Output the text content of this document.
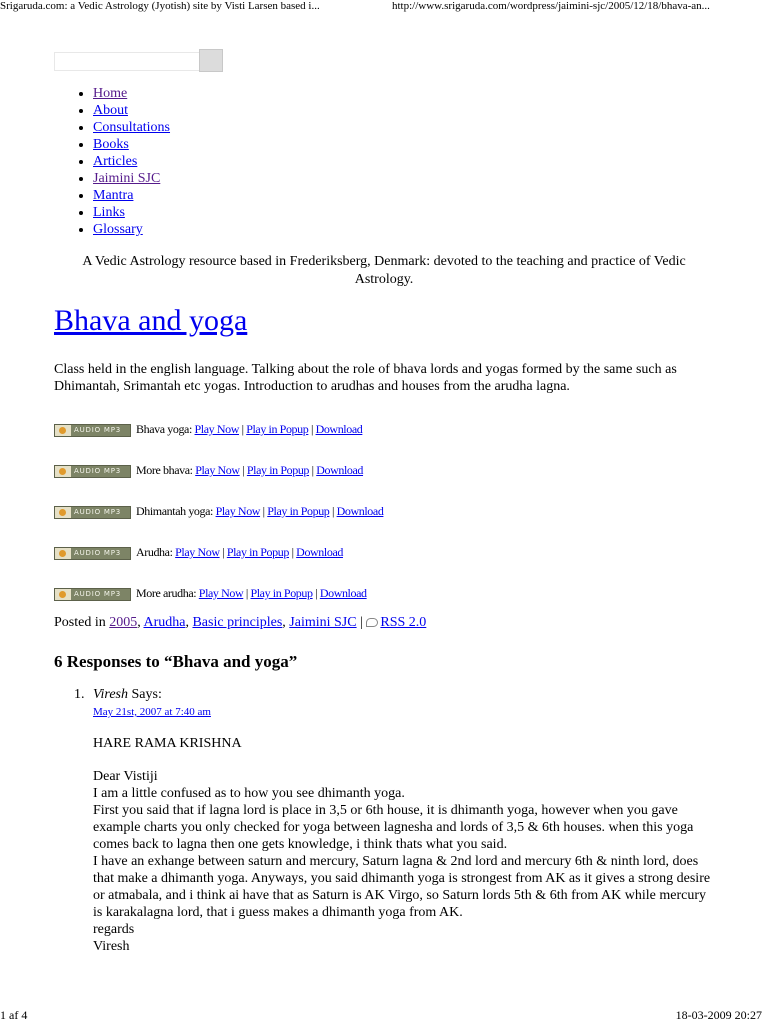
Srigaruda.com: a Vedic Astrology (Jyotish) site by Visti Larsen based i...	http://www.srigaruda.com/wordpress/jaimini-sjc/2005/12/18/bhava-an...
• Home
• About
• Consultations
• Books
• Articles
• Jaimini SJC
• Mantra
• Links
• Glossary
A Vedic Astrology resource based in Frederiksberg, Denmark: devoted to the teaching and practice of Vedic Astrology.
Bhava and yoga
Class held in the english language. Talking about the role of bhava lords and yogas formed by the same such as Dhimantah, Srimantah etc yogas. Introduction to arudhas and houses from the arudha lagna.
AUDIO MP3 Bhava yoga: Play Now | Play in Popup | Download
AUDIO MP3 More bhava: Play Now | Play in Popup | Download
AUDIO MP3 Dhimantah yoga: Play Now | Play in Popup | Download
AUDIO MP3 Arudha: Play Now | Play in Popup | Download
AUDIO MP3 More arudha: Play Now | Play in Popup | Download
Posted in 2005, Arudha, Basic principles, Jaimini SJC | RSS 2.0
6 Responses to “Bhava and yoga”
1. Viresh Says:
May 21st, 2007 at 7:40 am

HARE RAMA KRISHNA

Dear Vistiji

I am a little confused as to how you see dhimanth yoga.

First you said that if lagna lord is place in 3,5 or 6th house, it is dhimanth yoga, however when you gave example charts you only checked for yoga between lagnesha and lords of 3,5 & 6th houses. when this yoga comes back to lagna then one gets knowledge, i think thats what you said.

I have an exhange between saturn and mercury, Saturn lagna & 2nd lord and mercury 6th & ninth lord, does that make a dhimanth yoga. Anyways, you said dhimanth yoga is strongest from AK as it gives a strong desire or atmabala, and i think ai have that as Saturn is AK Virgo, so Saturn lords 5th & 6th from AK while mercury is karakalagna lord, that i guess makes a dhimanth yoga from AK.

regards

Viresh

1 af 4	18-03-2009 20:27
